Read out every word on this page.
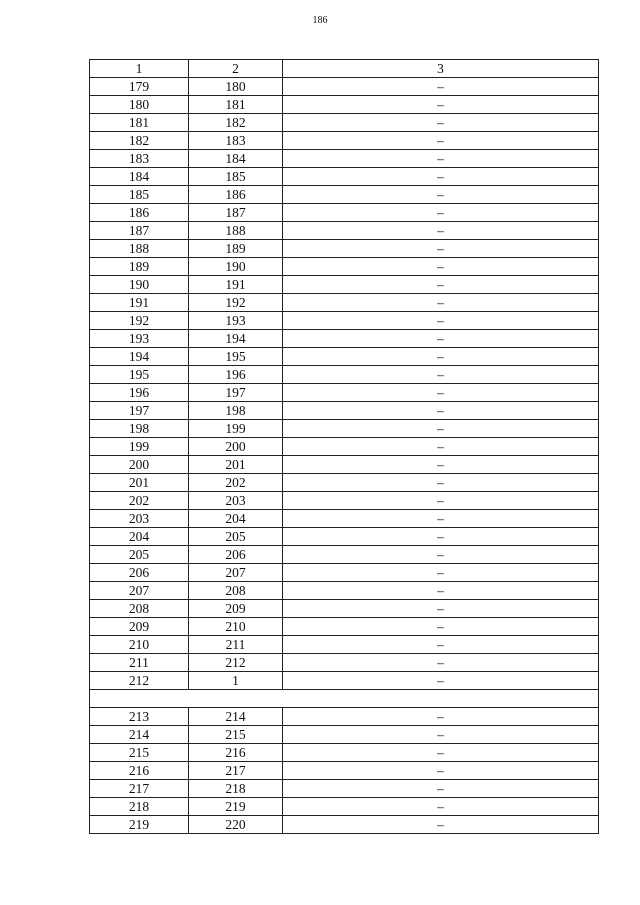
186
1	2	3
179	180	–
180	181	–
181	182	–
182	183	–
183	184	–
184	185	–
185	186	–
186	187	–
187	188	–
188	189	–
189	190	–
190	191	–
191	192	–
192	193	–
193	194	–
194	195	–
195	196	–
196	197	–
197	198	–
198	199	–
199	200	–
200	201	–
201	202	–
202	203	–
203	204	–
204	205	–
205	206	–
206	207	–
207	208	–
208	209	–
209	210	–
210	211	–
211	212	–
212	1	–

213	214	–
214	215	–
215	216	–
216	217	–
217	218	–
218	219	–
219	220	–
